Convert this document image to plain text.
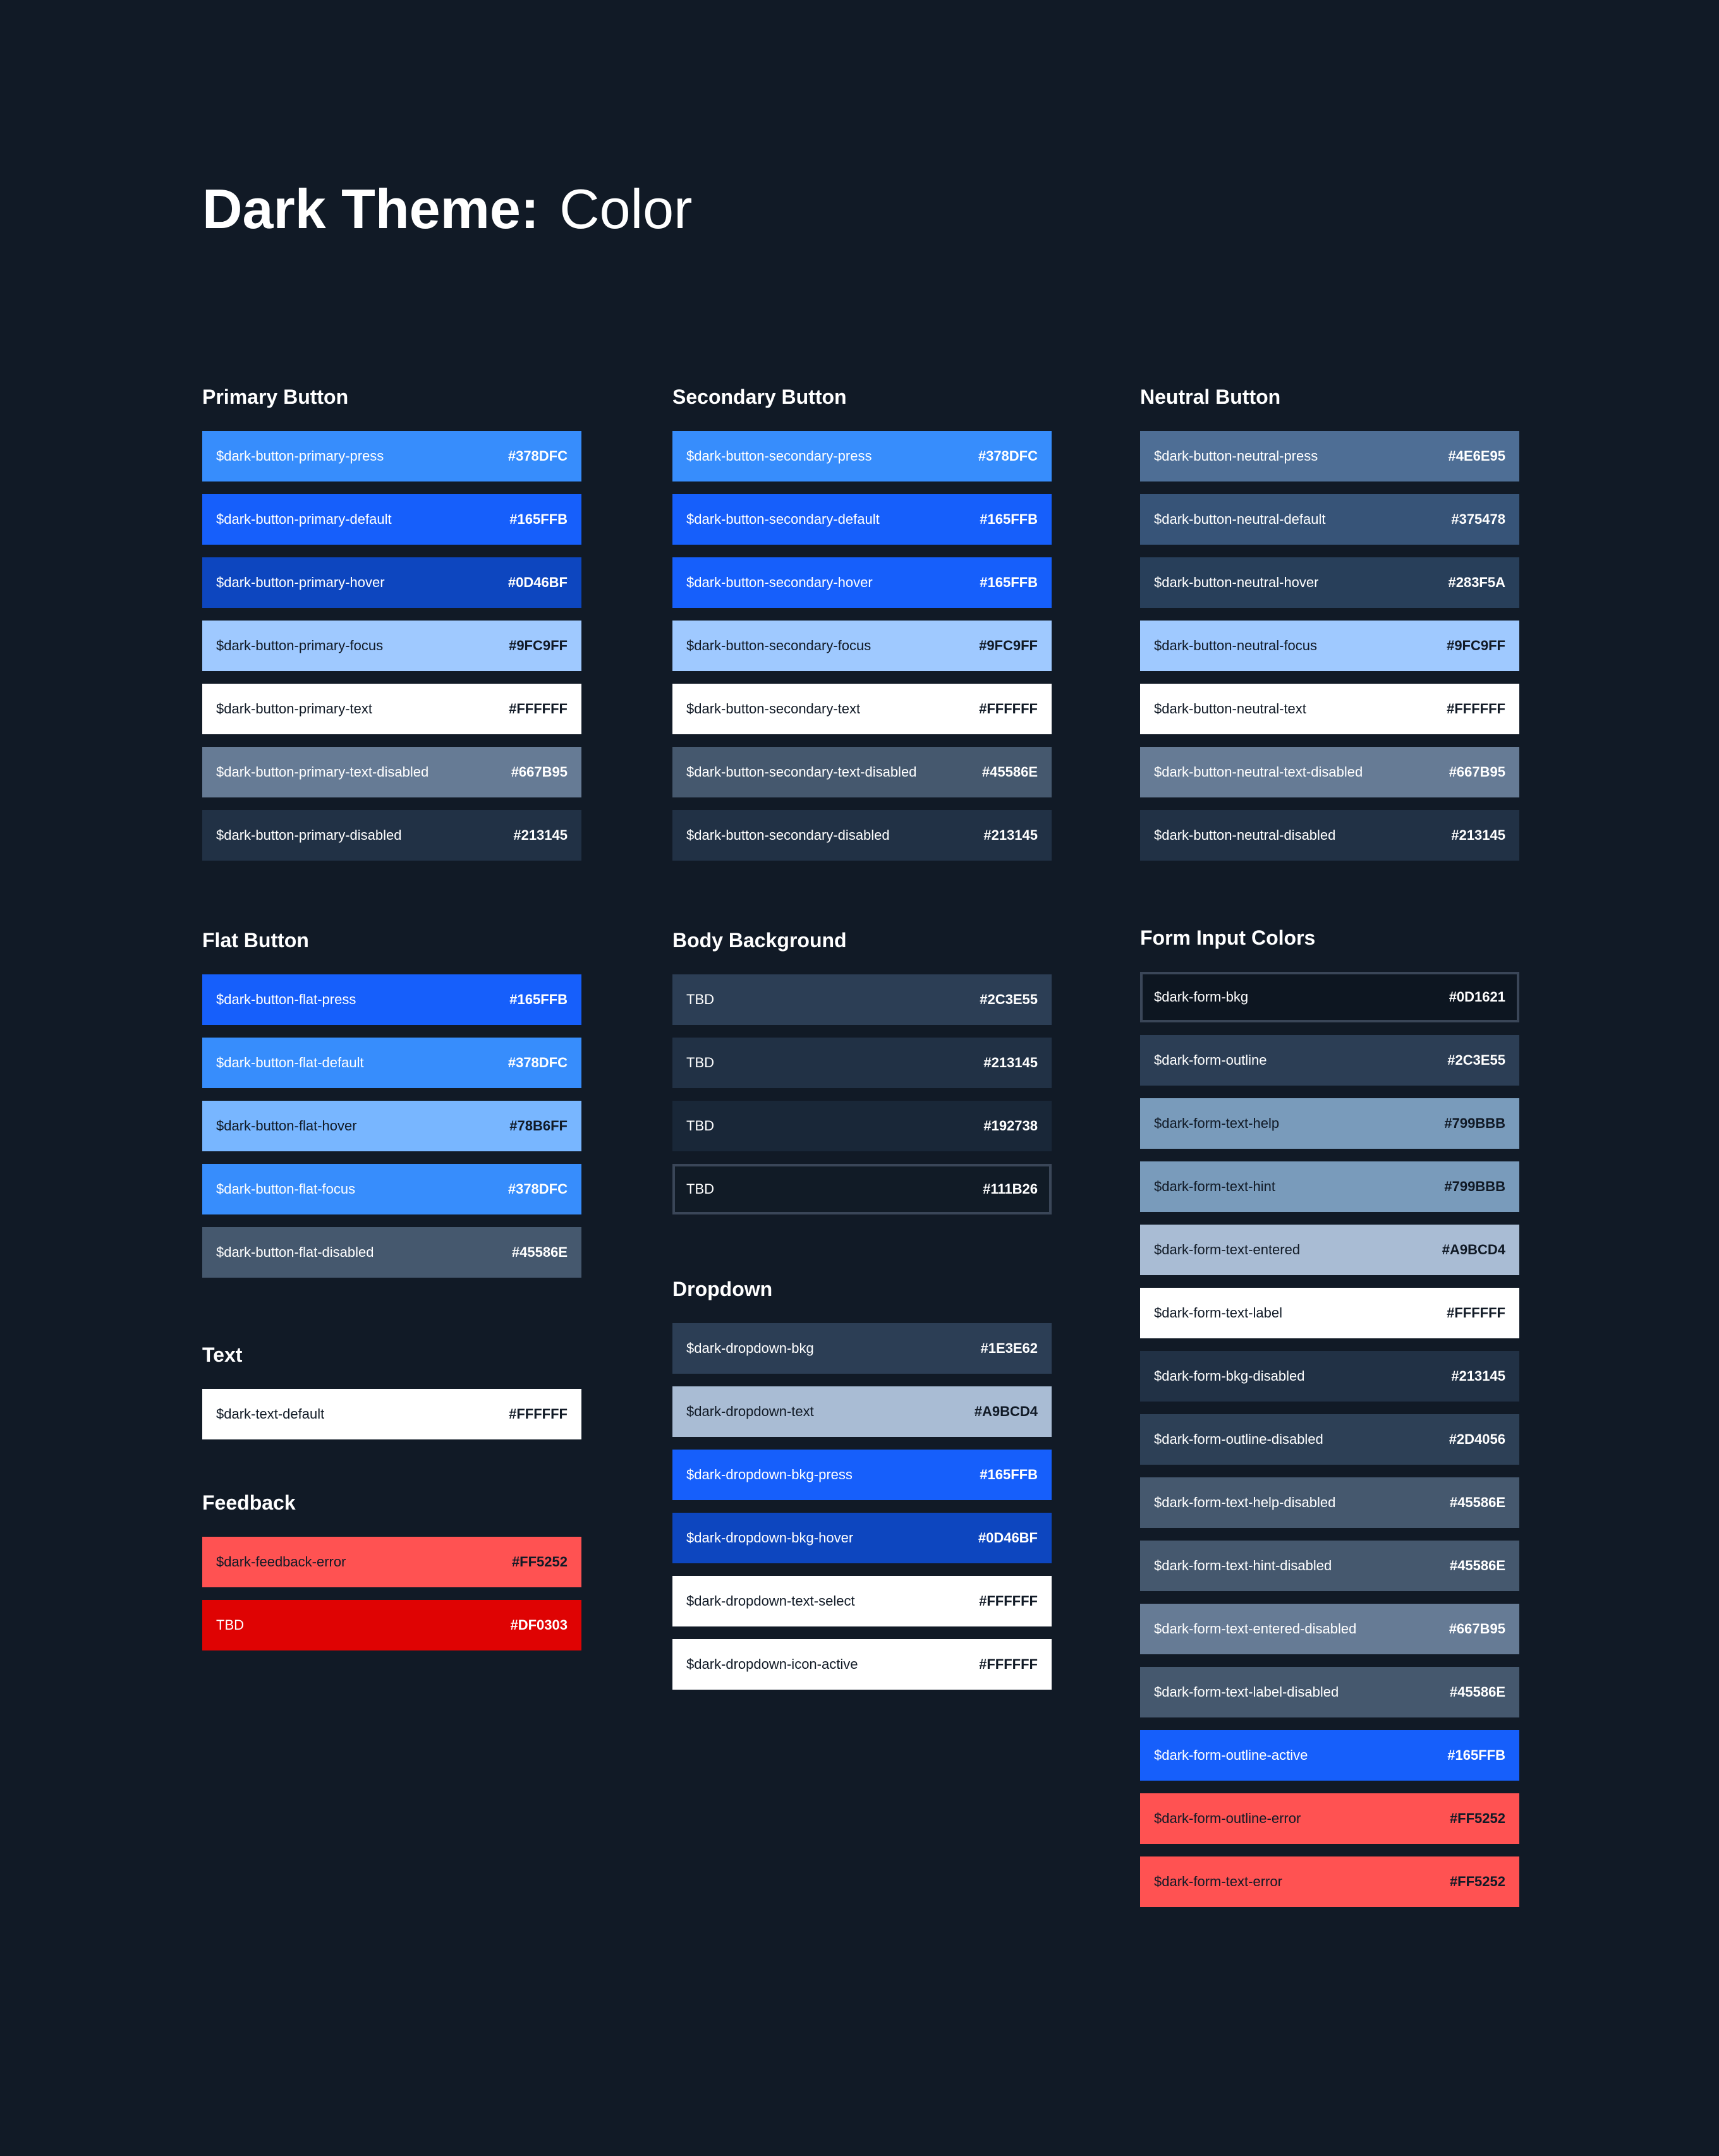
Dark Theme: Color
Primary Button
$dark-button-primary-press	#378DFC
$dark-button-primary-default	#165FFB
$dark-button-primary-hover	#0D46BF
$dark-button-primary-focus	#9FC9FF
$dark-button-primary-text	#FFFFFF
$dark-button-primary-text-disabled	#667B95
$dark-button-primary-disabled	#213145
Secondary Button
$dark-button-secondary-press	#378DFC
$dark-button-secondary-default	#165FFB
$dark-button-secondary-hover	#165FFB
$dark-button-secondary-focus	#9FC9FF
$dark-button-secondary-text	#FFFFFF
$dark-button-secondary-text-disabled	#45586E
$dark-button-secondary-disabled	#213145
Neutral Button
$dark-button-neutral-press	#4E6E95
$dark-button-neutral-default	#375478
$dark-button-neutral-hover	#283F5A
$dark-button-neutral-focus	#9FC9FF
$dark-button-neutral-text	#FFFFFF
$dark-button-neutral-text-disabled	#667B95
$dark-button-neutral-disabled	#213145
Flat Button
$dark-button-flat-press	#165FFB
$dark-button-flat-default	#378DFC
$dark-button-flat-hover	#78B6FF
$dark-button-flat-focus	#378DFC
$dark-button-flat-disabled	#45586E
Body Background
TBD	#2C3E55
TBD	#213145
TBD	#192738
TBD	#111B26
Form Input Colors
$dark-form-bkg	#0D1621
$dark-form-outline	#2C3E55
$dark-form-text-help	#799BBB
$dark-form-text-hint	#799BBB
$dark-form-text-entered	#A9BCD4
$dark-form-text-label	#FFFFFF
$dark-form-bkg-disabled	#213145
$dark-form-outline-disabled	#2D4056
$dark-form-text-help-disabled	#45586E
$dark-form-text-hint-disabled	#45586E
$dark-form-text-entered-disabled	#667B95
$dark-form-text-label-disabled	#45586E
$dark-form-outline-active	#165FFB
$dark-form-outline-error	#FF5252
$dark-form-text-error	#FF5252
Text
$dark-text-default	#FFFFFF
Dropdown
$dark-dropdown-bkg	#1E3E62
$dark-dropdown-text	#A9BCD4
$dark-dropdown-bkg-press	#165FFB
$dark-dropdown-bkg-hover	#0D46BF
$dark-dropdown-text-select	#FFFFFF
$dark-dropdown-icon-active	#FFFFFF
Feedback
$dark-feedback-error	#FF5252
TBD	#DF0303
